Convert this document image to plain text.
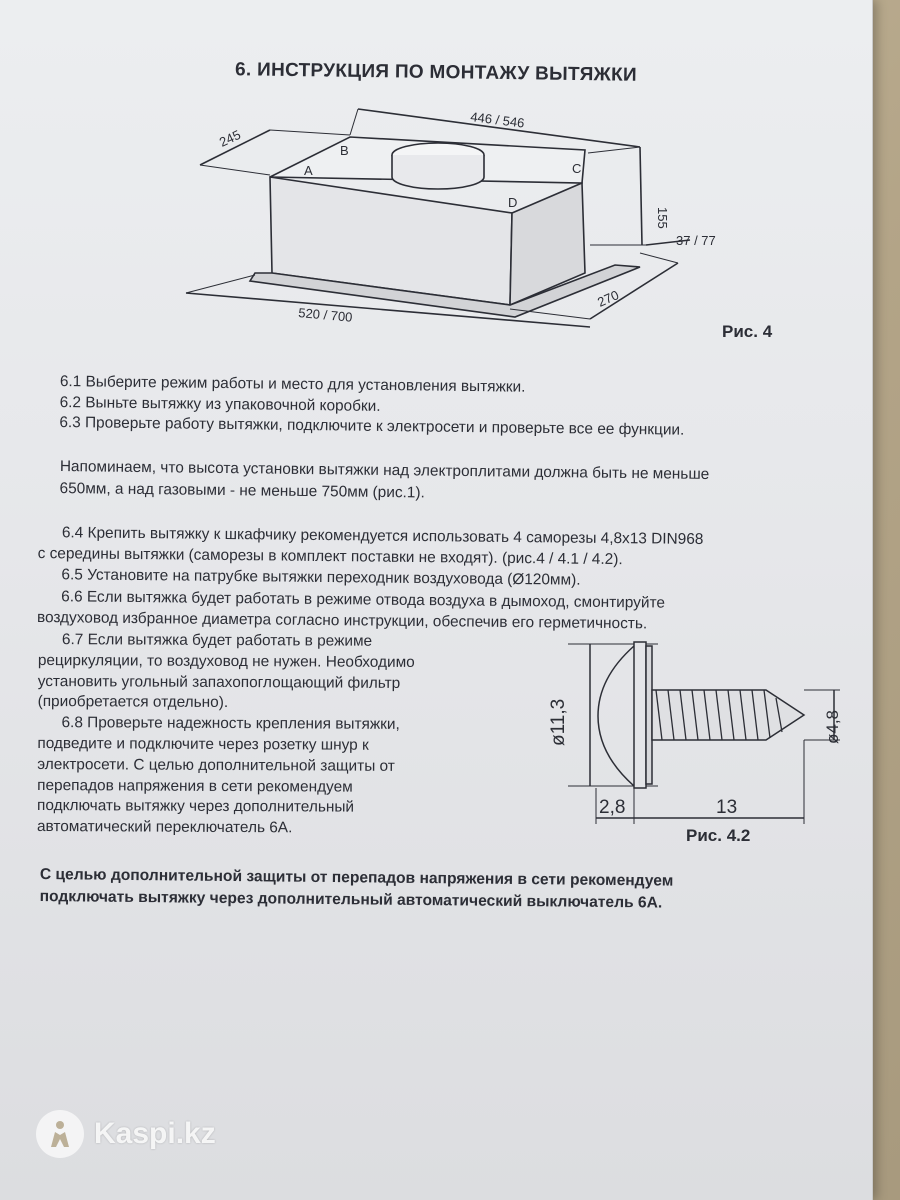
6. ИНСТРУКЦИЯ ПО МОНТАЖУ ВЫТЯЖКИ
245
446 / 546
155
37 / 77
270
520 / 700
A
B
C
D

Рис. 4

6.1 Выберите режим работы и место для установления вытяжки.

6.2 Выньте вытяжку из упаковочной коробки.

6.3 Проверьте работу вытяжки, подключите к электросети и проверьте все ее функции.

Напоминаем, что высота установки вытяжки над электроплитами должна быть не меньше

650мм, а над газовыми - не меньше 750мм (рис.1).

6.4 Крепить вытяжку к шкафчику рекомендуется использовать 4 саморезы 4,8x13 DIN968

с середины вытяжки (саморезы в комплект поставки не входят). (рис.4 / 4.1 / 4.2).

6.5 Установите на патрубке вытяжки переходник воздуховода (Ø120мм).

6.6 Если вытяжка будет работать в режиме отвода воздуха в дымоход, смонтируйте

воздуховод избранное диаметра согласно инструкции, обеспечив его герметичность.

6.7 Если вытяжка будет работать в режиме

рециркуляции, то воздуховод не нужен. Необходимо

установить угольный запахопоглощающий фильтр

(приобретается отдельно).

6.8 Проверьте надежность крепления вытяжки,

подведите и подключите через розетку шнур к

электросети. С целью дополнительной защиты от

перепадов напряжения в сети рекомендуем

подключать вытяжку через дополнительный

автоматический переключатель 6А.

ø11,3	ø4,8
2,8	13

Рис. 4.2

С целью дополнительной защиты от перепадов напряжения в сети рекомендуем

подключать вытяжку через дополнительный автоматический выключатель 6А.

Kaspi.kz
